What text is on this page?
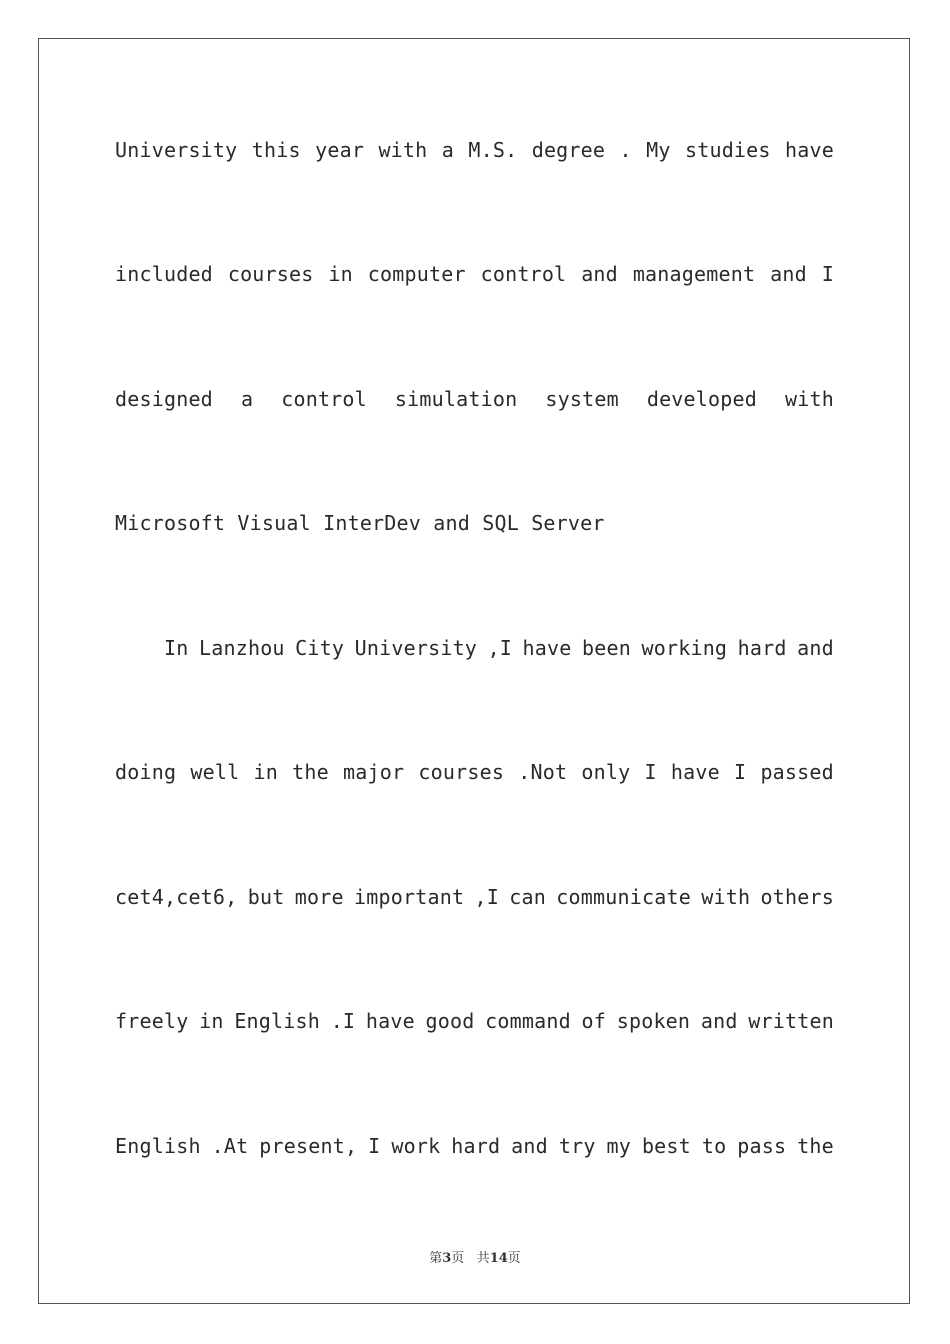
University this year with a M.S. degree . My studies have
included courses in computer control and management and I
designed a control simulation system developed with
Microsoft Visual InterDev and SQL Server
In Lanzhou City University ,I have been working hard and
doing well in the major courses .Not only I have I passed
cet4,cet6, but more important ,I can communicate with others
freely in English .I have good command of spoken and written
English .At present, I work hard and try my best to pass the
第3页 共14页
